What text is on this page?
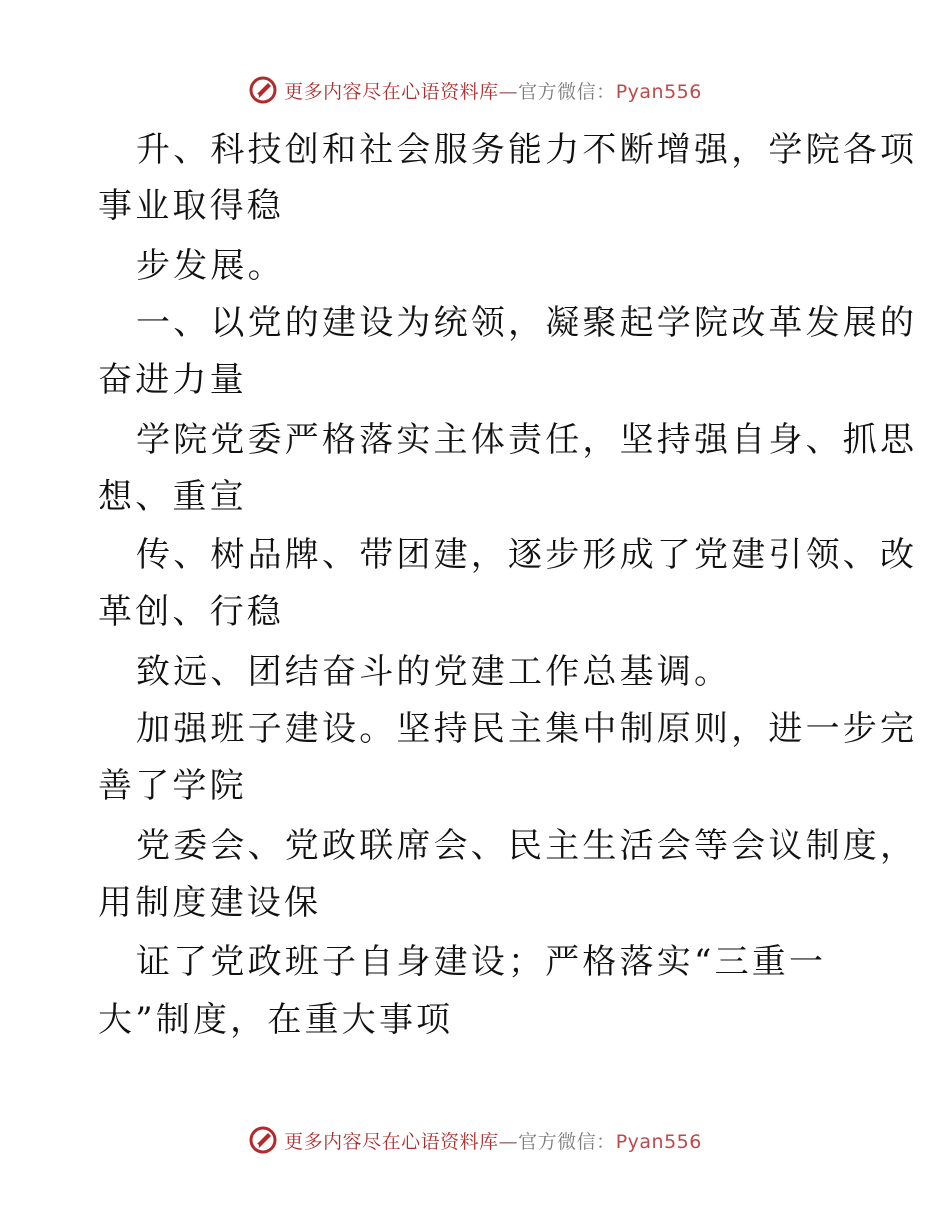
更多内容尽在心语资料库—官方微信：Pyan556
升、科技创和社会服务能力不断增强，学院各项
事业取得稳
步发展。
一、以党的建设为统领，凝聚起学院改革发展的
奋进力量
学院党委严格落实主体责任，坚持强自身、抓思
想、重宣
传、树品牌、带团建，逐步形成了党建引领、改
革创、行稳
致远、团结奋斗的党建工作总基调。
加强班子建设。坚持民主集中制原则，进一步完
善了学院
党委会、党政联席会、民主生活会等会议制度，
用制度建设保
证了党政班子自身建设；严格落实“三重一
大”制度，在重大事项
更多内容尽在心语资料库—官方微信：Pyan556
